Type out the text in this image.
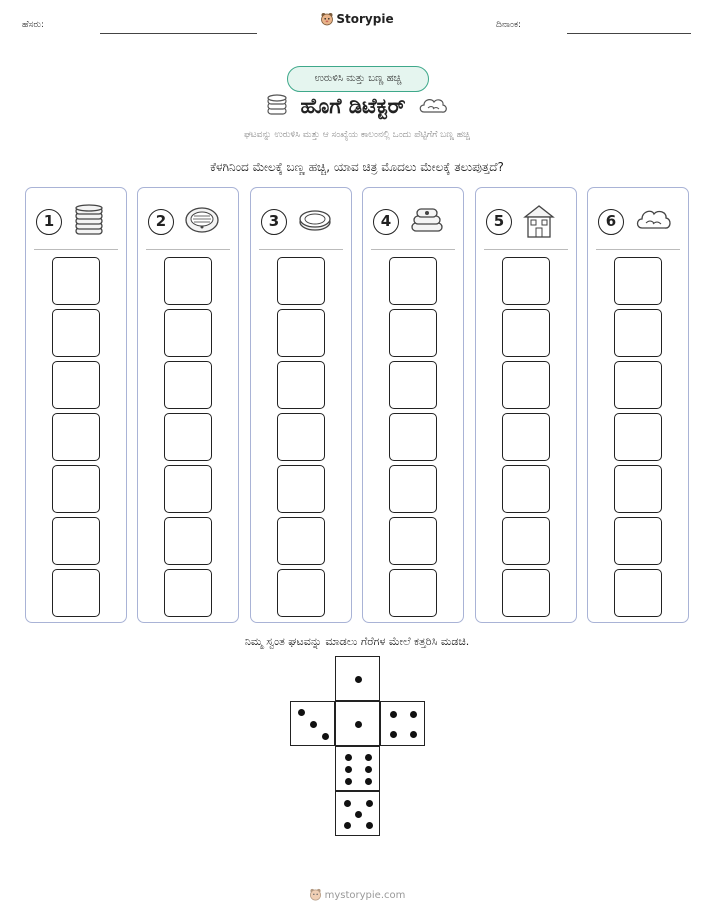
ಹೆಸರು:	Storypie	ದಿನಾಂಕ:
ಉರುಳಿಸಿ ಮತ್ತು ಬಣ್ಣ ಹಚ್ಚಿ
ಹೊಗೆ ಡಿಟೆಕ್ಟರ್
ಘಟವನ್ನು ಉರುಳಿಸಿ ಮತ್ತು ಆ ಸಂಖ್ಯೆಯ ಕಾಲಂನಲ್ಲಿ ಒಂದು ಪೆಟ್ಟಿಗೆಗೆ ಬಣ್ಣ ಹಚ್ಚಿ
ಕೆಳಗಿನಿಂದ ಮೇಲಕ್ಕೆ ಬಣ್ಣ ಹಚ್ಚಿ, ಯಾವ ಚಿತ್ರ ಮೊದಲು ಮೇಲಕ್ಕೆ ತಲುಪುತ್ತದೆ?
1	2	3	4	5	6
ನಿಮ್ಮ ಸ್ವಂತ ಘಟವನ್ನು ಮಾಡಲು ಗೆರೆಗಳ ಮೇಲೆ ಕತ್ತರಿಸಿ ಮಡಚಿ.
mystorypie.com
